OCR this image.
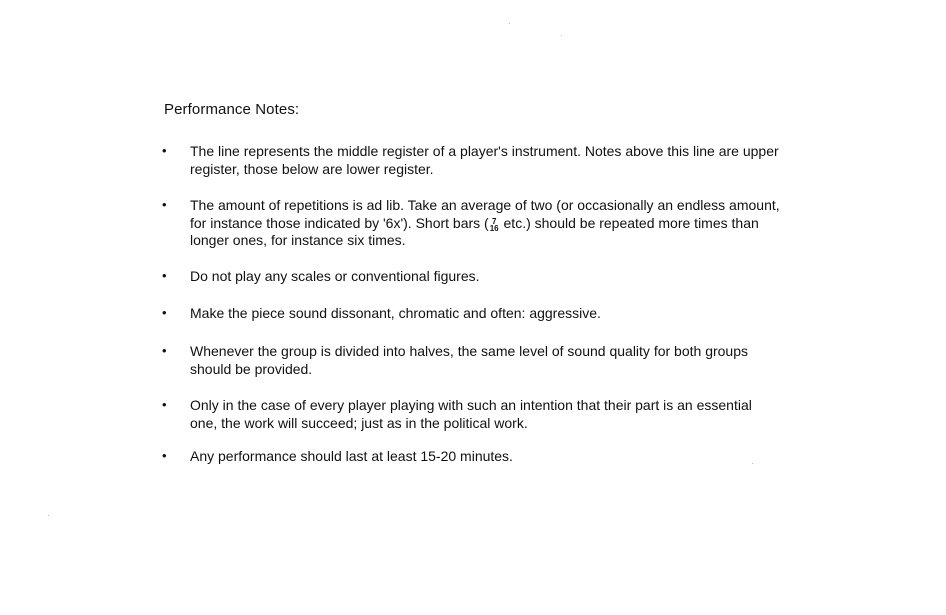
Performance Notes:
•	The line represents the middle register of a player's instrument. Notes above this line are upper register, those below are lower register.
•	The amount of repetitions is ad lib. Take an average of two (or occasionally an endless amount, for instance those indicated by '6x'). Short bars ( 7
16 etc.) should be repeated more times than longer ones, for instance six times.
•	Do not play any scales or conventional figures.
•	Make the piece sound dissonant, chromatic and often: aggressive.
•	Whenever the group is divided into halves, the same level of sound quality for both groups should be provided.
•	Only in the case of every player playing with such an intention that their part is an essential one, the work will succeed; just as in the political work.
•	Any performance should last at least 15-20 minutes.
